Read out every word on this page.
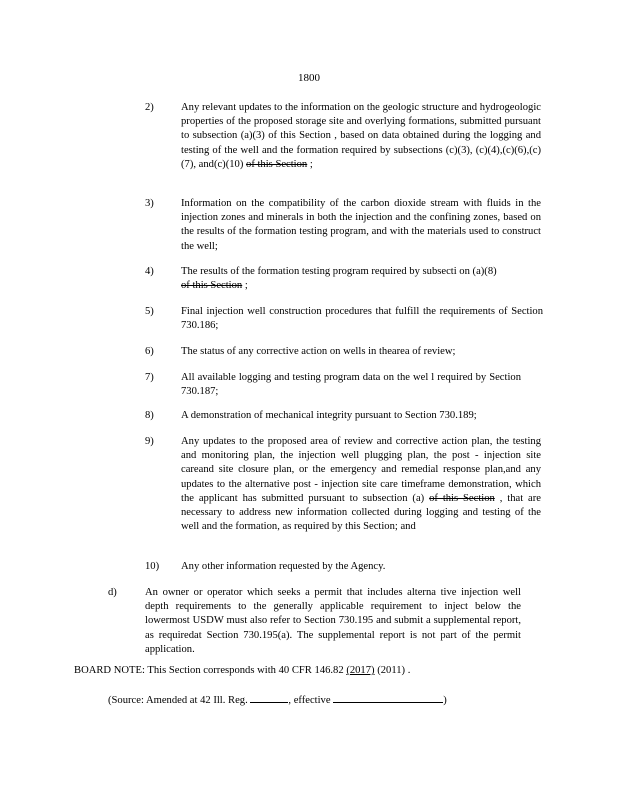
1800
2)	Any relevant updates to the information on the geologic structure and hydrogeologic properties of the proposed storage site and overlying formations, submitted pursuant to subsection (a)(3) of this Section , based on data obtained during the logging and testing of the well and the formation required by subsections (c)(3), (c)(4),(c)(6),(c)(7), and(c)(10) of this Section ;
3)	Information on the compatibility of the carbon dioxide stream with fluids in the injection zones and minerals in both the injection and the confining zones, based on the results of the formation testing program, and with the materials used to construct the well;
4)	The results of the formation testing program required by subsecti on (a)(8)
of this Section ;
5)	Final injection well construction procedures that fulfill the requirements of Section 730.186;
6)	The status of any corrective action on wells in thearea of review;
7)	All available logging and testing program data on the wel l required by Section 730.187;
8)	A demonstration of mechanical integrity pursuant to Section 730.189;
9)	Any updates to the proposed area of review and corrective action plan, the testing and monitoring plan, the injection well plugging plan, the post - injection site careand site closure plan, or the emergency and remedial response plan,and any updates to the alternative post - injection site care timeframe demonstration, which the applicant has submitted pursuant to subsection (a) of this Section , that are necessary to address new information collected during logging and testing of the well and the formation, as required by this Section; and
10) Any other information requested by the Agency.
d)	An owner or operator which seeks a permit that includes alterna tive injection well depth requirements to the generally applicable requirement to inject below the lowermost USDW must also refer to Section 730.195 and submit a supplemental report, as requiredat Section 730.195(a). The supplemental report is not part of the permit application.
BOARD NOTE: This Section corresponds with 40 CFR 146.82 (2017) (2011) .
(Source: Amended at 42 Ill. Reg.	, effective	)
